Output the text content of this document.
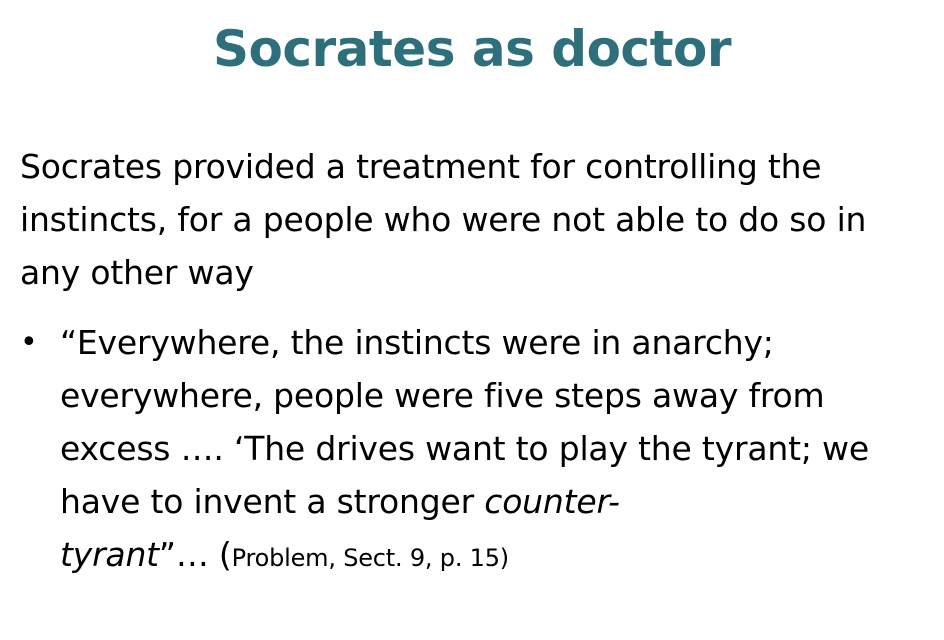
Socrates as doctor
Socrates provided a treatment for controlling the instincts, for a people who were not able to do so in any other way
• “Everywhere, the instincts were in anarchy; everywhere, people were five steps away from excess …. ‘The drives want to play the tyrant; we have to invent a stronger counter-
tyrant”… (Problem, Sect. 9, p. 15)
